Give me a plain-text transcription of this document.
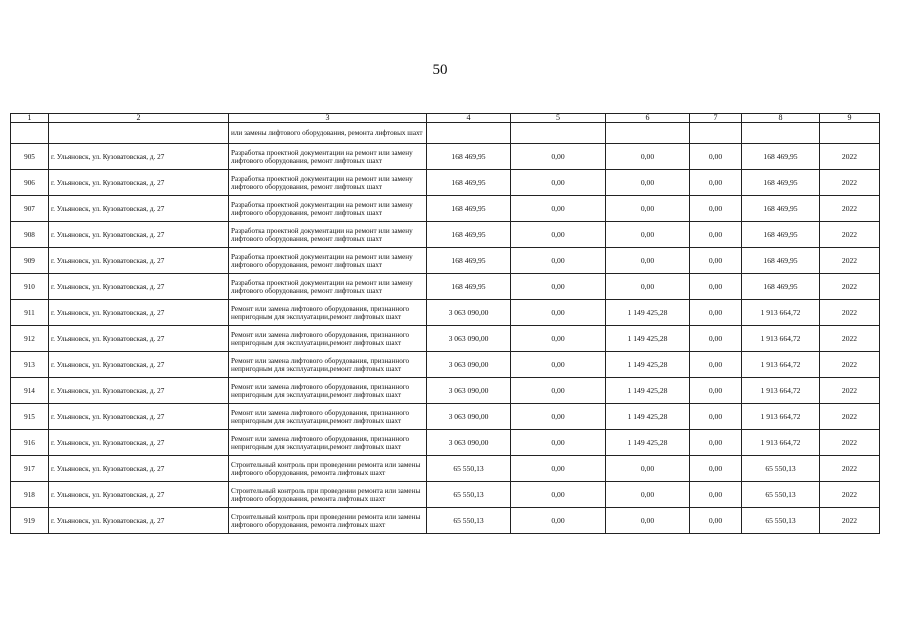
50
1	2	3	4	5	6	7	8	9
		или замены лифтового оборудования, ремонта лифтовых шахт						
905	г. Ульяновск, ул. Кузоватовская, д. 27	Разработка проектной документации на ремонт или замену лифтового оборудования, ремонт лифтовых шахт	168 469,95	0,00	0,00	0,00	168 469,95	2022
906	г. Ульяновск, ул. Кузоватовская, д. 27	Разработка проектной документации на ремонт или замену лифтового оборудования, ремонт лифтовых шахт	168 469,95	0,00	0,00	0,00	168 469,95	2022
907	г. Ульяновск, ул. Кузоватовская, д. 27	Разработка проектной документации на ремонт или замену лифтового оборудования, ремонт лифтовых шахт	168 469,95	0,00	0,00	0,00	168 469,95	2022
908	г. Ульяновск, ул. Кузоватовская, д. 27	Разработка проектной документации на ремонт или замену лифтового оборудования, ремонт лифтовых шахт	168 469,95	0,00	0,00	0,00	168 469,95	2022
909	г. Ульяновск, ул. Кузоватовская, д. 27	Разработка проектной документации на ремонт или замену лифтового оборудования, ремонт лифтовых шахт	168 469,95	0,00	0,00	0,00	168 469,95	2022
910	г. Ульяновск, ул. Кузоватовская, д. 27	Разработка проектной документации на ремонт или замену лифтового оборудования, ремонт лифтовых шахт	168 469,95	0,00	0,00	0,00	168 469,95	2022
911	г. Ульяновск, ул. Кузоватовская, д. 27	Ремонт или замена лифтового оборудования, признанного непригодным для эксплуатации,ремонт лифтовых шахт	3 063 090,00	0,00	1 149 425,28	0,00	1 913 664,72	2022
912	г. Ульяновск, ул. Кузоватовская, д. 27	Ремонт или замена лифтового оборудования, признанного непригодным для эксплуатации,ремонт лифтовых шахт	3 063 090,00	0,00	1 149 425,28	0,00	1 913 664,72	2022
913	г. Ульяновск, ул. Кузоватовская, д. 27	Ремонт или замена лифтового оборудования, признанного непригодным для эксплуатации,ремонт лифтовых шахт	3 063 090,00	0,00	1 149 425,28	0,00	1 913 664,72	2022
914	г. Ульяновск, ул. Кузоватовская, д. 27	Ремонт или замена лифтового оборудования, признанного непригодным для эксплуатации,ремонт лифтовых шахт	3 063 090,00	0,00	1 149 425,28	0,00	1 913 664,72	2022
915	г. Ульяновск, ул. Кузоватовская, д. 27	Ремонт или замена лифтового оборудования, признанного непригодным для эксплуатации,ремонт лифтовых шахт	3 063 090,00	0,00	1 149 425,28	0,00	1 913 664,72	2022
916	г. Ульяновск, ул. Кузоватовская, д. 27	Ремонт или замена лифтового оборудования, признанного непригодным для эксплуатации,ремонт лифтовых шахт	3 063 090,00	0,00	1 149 425,28	0,00	1 913 664,72	2022
917	г. Ульяновск, ул. Кузоватовская, д. 27	Строительный контроль при проведении ремонта или замены лифтового оборудования, ремонта лифтовых шахт	65 550,13	0,00	0,00	0,00	65 550,13	2022
918	г. Ульяновск, ул. Кузоватовская, д. 27	Строительный контроль при проведении ремонта или замены лифтового оборудования, ремонта лифтовых шахт	65 550,13	0,00	0,00	0,00	65 550,13	2022
919	г. Ульяновск, ул. Кузоватовская, д. 27	Строительный контроль при проведении ремонта или замены лифтового оборудования, ремонта лифтовых шахт	65 550,13	0,00	0,00	0,00	65 550,13	2022
